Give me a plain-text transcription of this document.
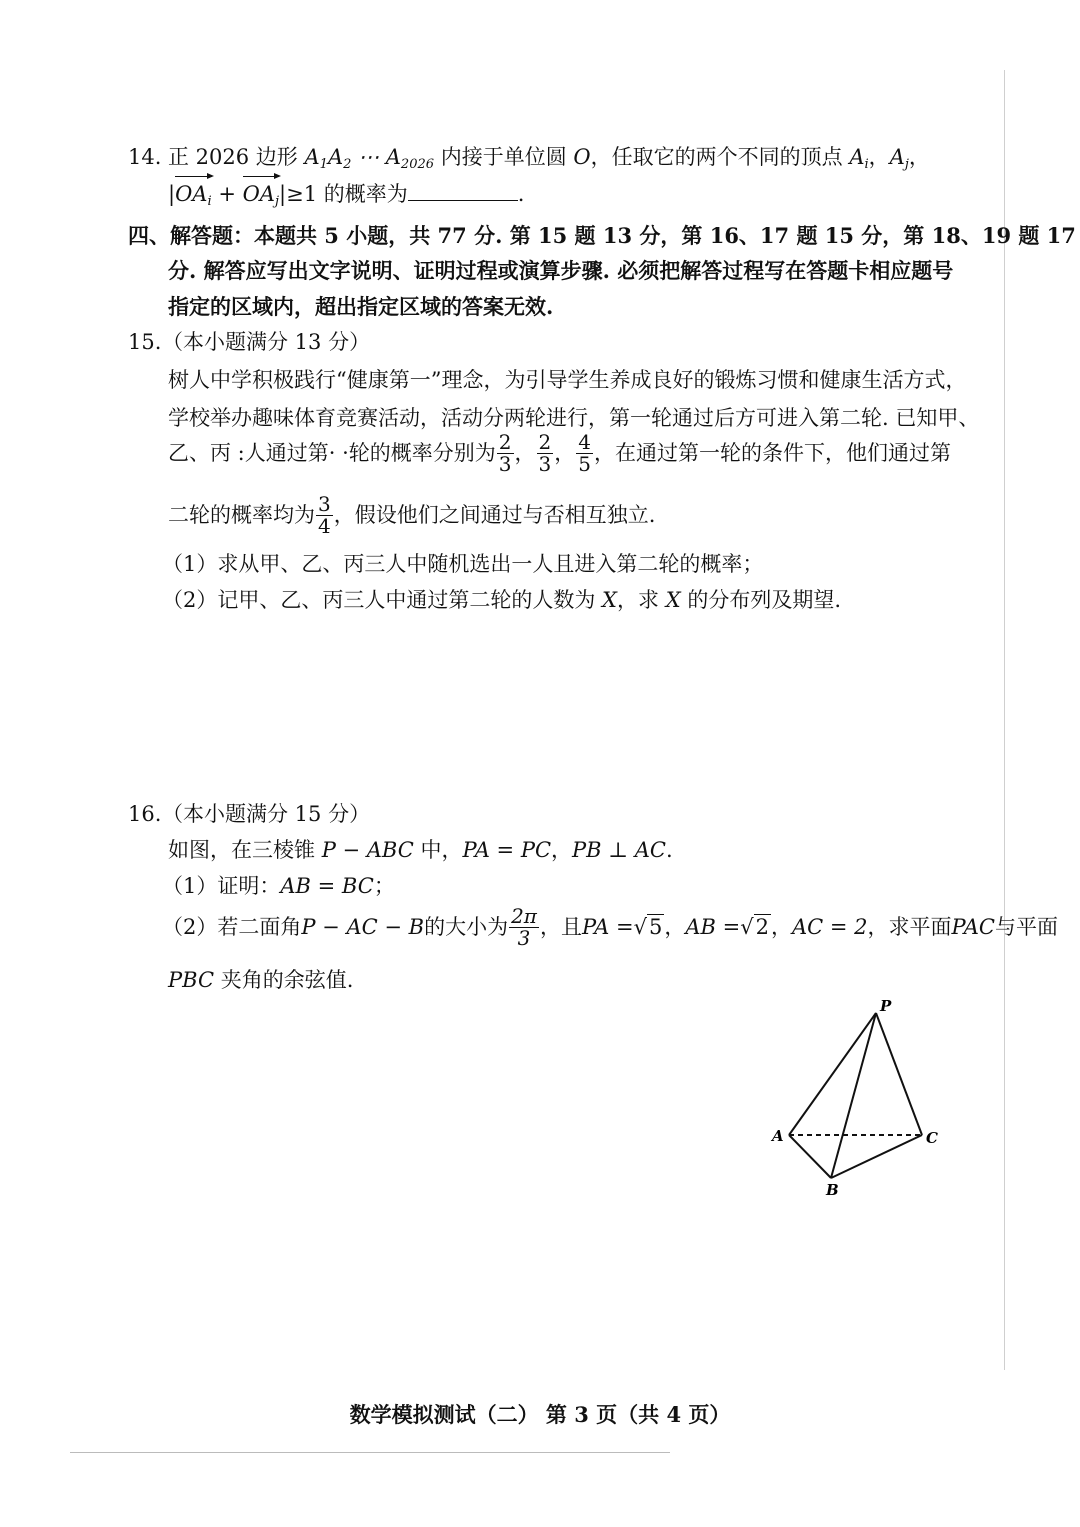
14. 正 2026 边形 $A_1A_2$ ⋯ $A_{2026}$ 内接于单位圆 O，任取它的两个不同的顶点 $A_i$，$A_j$，
|
$OA_i$ +
$OA_j|\ge 1$ 的概率为	.
四、解答题：本题共 5 小题，共 77 分. 第 15 题 13 分，第 16、17 题 15 分，第 18、19 题 17
分. 解答应写出文字说明、证明过程或演算步骤. 必须把解答过程写在答题卡相应题号
指定的区域内，超出指定区域的答案无效.
15. （本小题满分 13 分）
树人中学积极践行“健康第一”理念，为引导学生养成良好的锻炼习惯和健康生活方式，
学校举办趣味体育竞赛活动，活动分两轮进行，第一轮通过后方可进入第二轮. 已知甲、
乙、丙 :人通过第· ·轮的概率分别为 $\frac{2}{3}$ ， $\frac{2}{3}$ ， $\frac{4}{5}$ ，在通过第一轮的条件下，他们通过第
二轮的概率均为 $\frac{3}{4}$ ，假设他们之间通过与否相互独立.
（1）求从甲、乙、丙三人中随机选出一人且进入第二轮的概率；
（2）记甲、乙、丙三人中通过第二轮的人数为 X，求 X 的分布列及期望.
16. （本小题满分 15 分）
如图，在三棱锥 P − ABC 中，PA = PC，PB ⊥ AC.
（1）证明：AB = BC；
（2）若二面角 P − AC − B 的大小为 $\frac{2\pi}{3}$ ，且 PA = √5 ， AB = √2 ， AC = 2 ，求平面 PAC 与平面
PBC 夹角的余弦值.
P
A
B
C
数学模拟测试（二） 第 3 页（共 4 页）
